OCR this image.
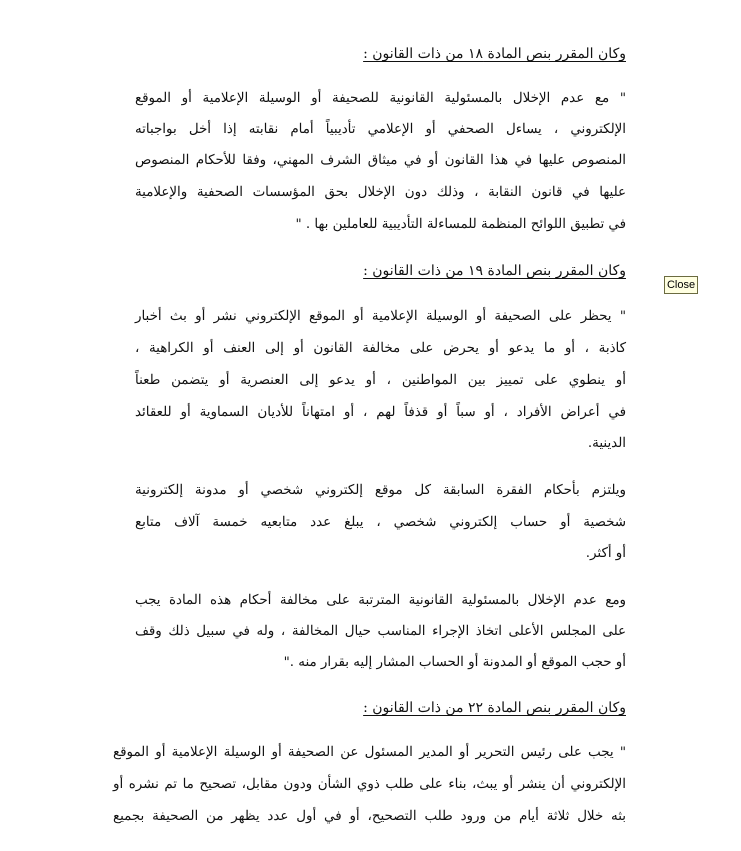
وكان المقرر بنص المادة ١٨ من ذات القانون :
" مع عدم الإخلال بالمسئولية القانونية للصحيفة أو الوسيلة الإعلامية أو الموقع
الإلكتروني ، يساءل الصحفي أو الإعلامي تأديبياً أمام نقابته إذا أخل بواجباته
المنصوص عليها في هذا القانون أو في ميثاق الشرف المهني، وفقا للأحكام المنصوص
عليها في قانون النقابة ، وذلك دون الإخلال بحق المؤسسات الصحفية والإعلامية
في تطبيق اللوائح المنظمة للمساءلة التأديبية للعاملين بها . "
وكان المقرر بنص المادة ١٩ من ذات القانون :
" يحظر على الصحيفة أو الوسيلة الإعلامية أو الموقع الإلكتروني نشر أو بث أخبار
كاذبة ، أو ما يدعو أو يحرض على مخالفة القانون أو إلى العنف أو الكراهية ،
أو ينطوي على تمييز بين المواطنين ، أو يدعو إلى العنصرية أو يتضمن طعناً
في أعراض الأفراد ، أو سباً أو قذفاً لهم ، أو امتهاناً للأديان السماوية أو للعقائد
الدينية.
ويلتزم بأحكام الفقرة السابقة كل موقع إلكتروني شخصي أو مدونة إلكترونية
شخصية أو حساب إلكتروني شخصي ، يبلغ عدد متابعيه خمسة آلاف متابع
أو أكثر.
ومع عدم الإخلال بالمسئولية القانونية المترتبة على مخالفة أحكام هذه المادة يجب
على المجلس الأعلى اتخاذ الإجراء المناسب حيال المخالفة ، وله في سبيل ذلك وقف
أو حجب الموقع أو المدونة أو الحساب المشار إليه بقرار منه ."
وكان المقرر بنص المادة ٢٢ من ذات القانون :
" يجب على رئيس التحرير أو المدير المسئول عن الصحيفة أو الوسيلة الإعلامية أو الموقع
الإلكتروني أن ينشر أو يبث، بناء على طلب ذوي الشأن ودون مقابل، تصحيح ما تم نشره أو
بثه خلال ثلاثة أيام من ورود طلب التصحيح، أو في أول عدد يظهر من الصحيفة بجميع
Close
